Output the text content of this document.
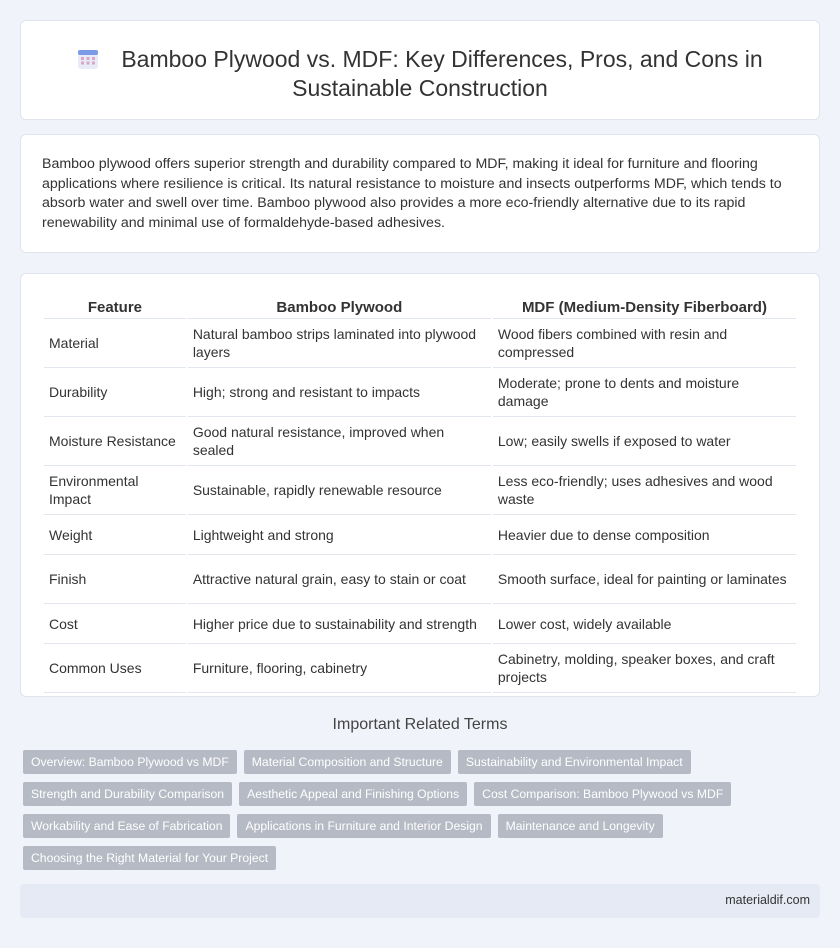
Bamboo Plywood vs. MDF: Key Differences, Pros, and Cons in
Sustainable Construction

Bamboo plywood offers superior strength and durability compared to MDF, making it ideal for furniture and flooring applications where resilience is critical. Its natural resistance to moisture and insects outperforms MDF, which tends to absorb water and swell over time. Bamboo plywood also provides a more eco-friendly alternative due to its rapid renewability and minimal use of formaldehyde-based adhesives.

Feature	Bamboo Plywood	MDF (Medium-Density Fiberboard)
Material	Natural bamboo strips laminated into plywood layers	Wood fibers combined with resin and compressed
Durability	High; strong and resistant to impacts	Moderate; prone to dents and moisture damage
Moisture Resistance	Good natural resistance, improved when sealed	Low; easily swells if exposed to water
Environmental Impact	Sustainable, rapidly renewable resource	Less eco-friendly; uses adhesives and wood waste
Weight	Lightweight and strong	Heavier due to dense composition
Finish	Attractive natural grain, easy to stain or coat	Smooth surface, ideal for painting or laminates
Cost	Higher price due to sustainability and strength	Lower cost, widely available
Common Uses	Furniture, flooring, cabinetry	Cabinetry, molding, speaker boxes, and craft projects
Important Related Terms
Overview: Bamboo Plywood vs MDF	Material Composition and Structure	Sustainability and Environmental Impact
Strength and Durability Comparison	Aesthetic Appeal and Finishing Options	Cost Comparison: Bamboo Plywood vs MDF
Workability and Ease of Fabrication	Applications in Furniture and Interior Design	Maintenance and Longevity
Choosing the Right Material for Your Project
materialdif.com
